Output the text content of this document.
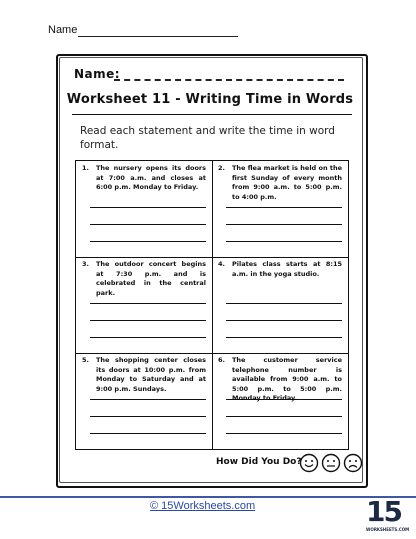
Name
Name:
Worksheet 11 - Writing Time in Words
Read each statement and write the time in word format.
1. The nursery opens its doors at 7:00 a.m. and closes at 6:00 p.m. Monday to Friday.
2. The flea market is held on the first Sunday of every month from 9:00 a.m. to 5:00 p.m. to 4:00 p.m.
3. The outdoor concert begins at 7:30 p.m. and is celebrated in the central park.
4. Pilates class starts at 8:15 a.m. in the yoga studio.
5. The shopping center closes its doors at 10:00 p.m. from Monday to Saturday and at 9:00 p.m. Sundays.
6. The customer service telephone number is available from 9:00 a.m. to 5:00 p.m. to 5:00 p.m. Monday to Friday.
How Did You Do?
© 15Worksheets.com	15
WORKSHEETS.COM
